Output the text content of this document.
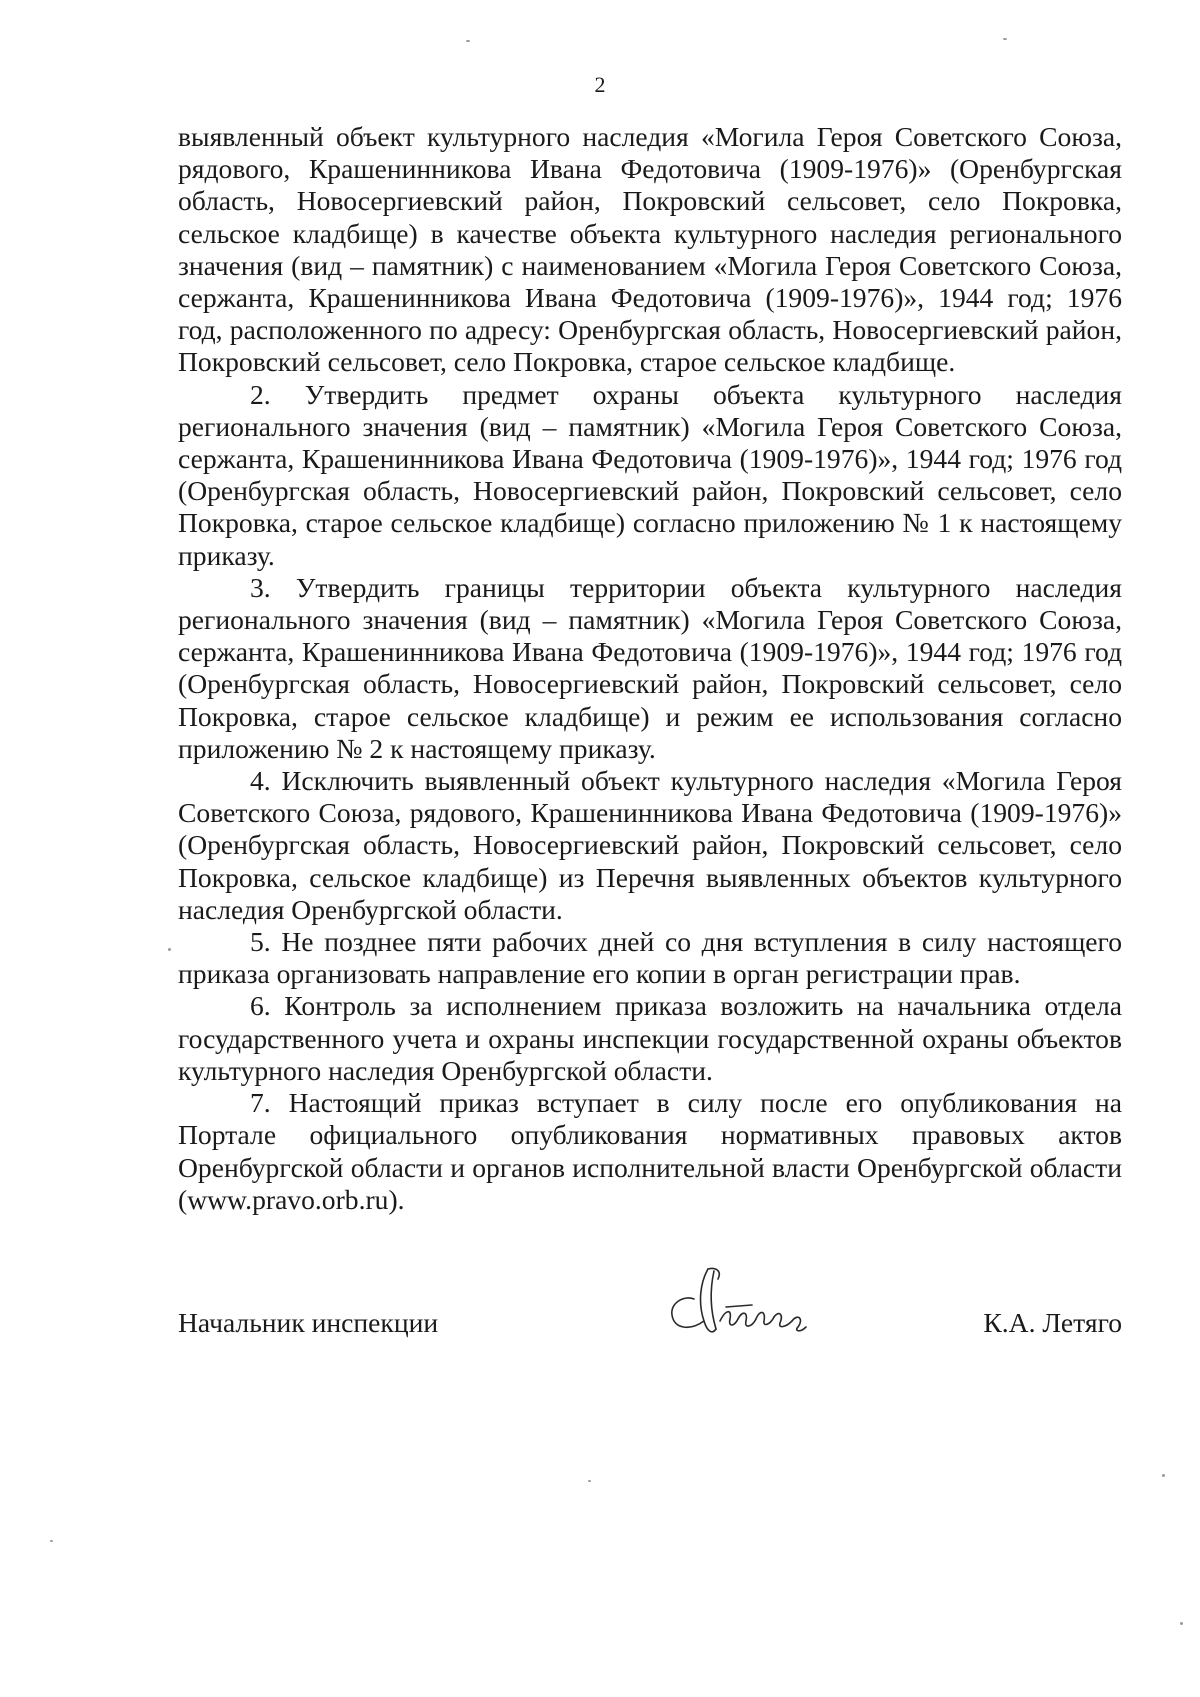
2

выявленный объект культурного наследия «Могила Героя Советского Союза, рядового, Крашенинникова Ивана Федотовича (1909-1976)» (Оренбургская область, Новосергиевский район, Покровский сельсовет, село Покровка, сельское кладбище) в качестве объекта культурного наследия регионального значения (вид – памятник) с наименованием «Могила Героя Советского Союза, сержанта, Крашенинникова Ивана Федотовича (1909-1976)», 1944 год; 1976 год, расположенного по адресу: Оренбургская область, Новосергиевский район, Покровский сельсовет, село Покровка, старое сельское кладбище.

2. Утвердить предмет охраны объекта культурного наследия регионального значения (вид – памятник) «Могила Героя Советского Союза, сержанта, Крашенинникова Ивана Федотовича (1909-1976)», 1944 год; 1976 год (Оренбургская область, Новосергиевский район, Покровский сельсовет, село Покровка, старое сельское кладбище) согласно приложению № 1 к настоящему приказу.

3. Утвердить границы территории объекта культурного наследия регионального значения (вид – памятник) «Могила Героя Советского Союза, сержанта, Крашенинникова Ивана Федотовича (1909-1976)», 1944 год; 1976 год (Оренбургская область, Новосергиевский район, Покровский сельсовет, село Покровка, старое сельское кладбище) и режим ее использования согласно приложению № 2 к настоящему приказу.

4. Исключить выявленный объект культурного наследия «Могила Героя Советского Союза, рядового, Крашенинникова Ивана Федотовича (1909-1976)» (Оренбургская область, Новосергиевский район, Покровский сельсовет, село Покровка, сельское кладбище) из Перечня выявленных объектов культурного наследия Оренбургской области.

5. Не позднее пяти рабочих дней со дня вступления в силу настоящего приказа организовать направление его копии в орган регистрации прав.

6. Контроль за исполнением приказа возложить на начальника отдела государственного учета и охраны инспекции государственной охраны объектов культурного наследия Оренбургской области.

7. Настоящий приказ вступает в силу после его опубликования на Портале официального опубликования нормативных правовых актов Оренбургской области и органов исполнительной власти Оренбургской области (www.pravo.orb.ru).

Начальник инспекции	К.А. Летяго
